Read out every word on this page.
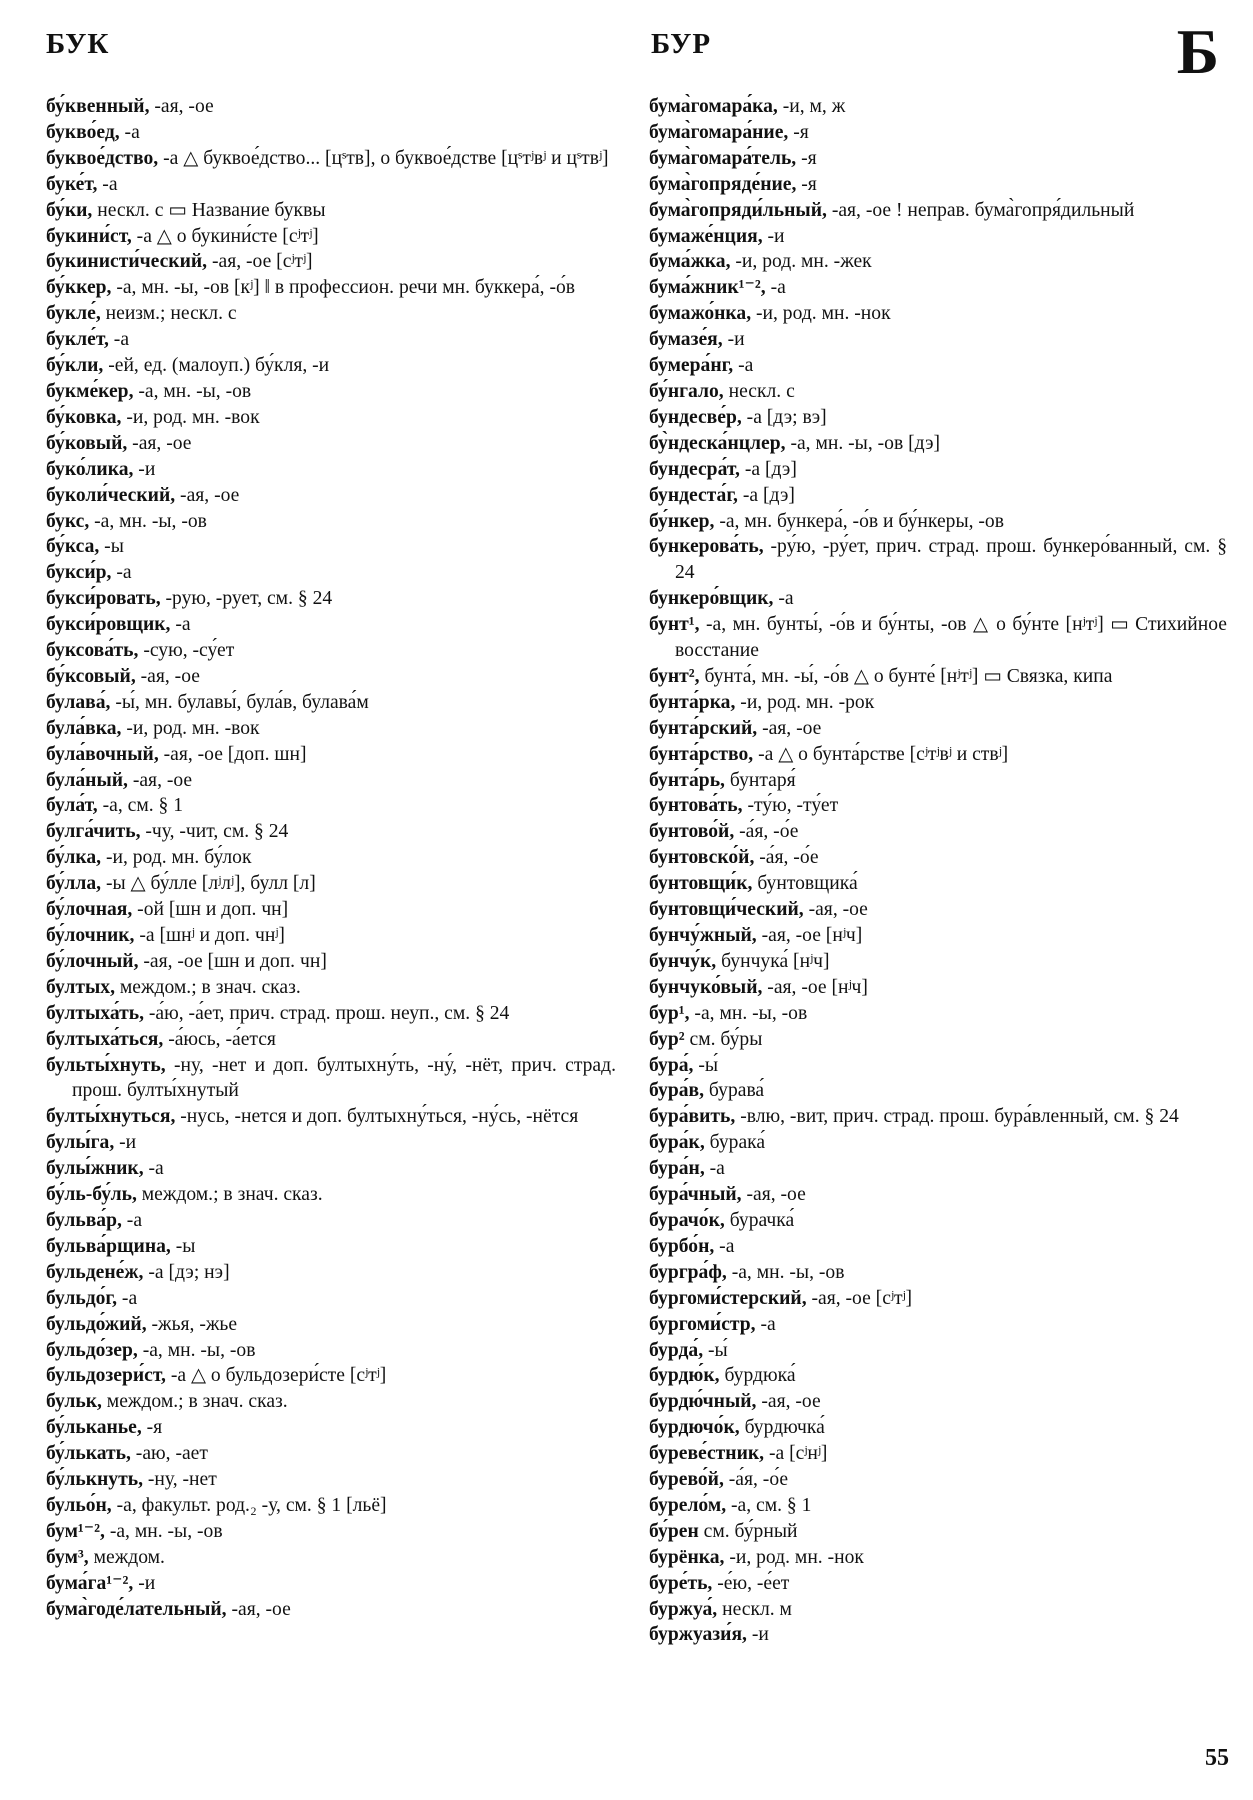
БУК	БУР	Б
бу́квенный, -ая, -ое
букво́ед, -а
буквое́дство, -а △ буквое́дство... [цˢтв], о буквое́дстве [цˢтʲвʲ и цˢтвʲ]
буке́т, -а
бу́ки, нескл. с ▭ Название буквы
букини́ст, -а △ о букини́сте [сʲтʲ]
букинисти́ческий, -ая, -ое [сʲтʲ]
бу́ккер, -а, мн. -ы, -ов [кʲ] ‖ в профессион. речи мн. буккера́, -о́в
букле́, неизм.; нескл. с
букле́т, -а
бу́кли, -ей, ед. (малоуп.) бу́кля, -и
букме́кер, -а, мн. -ы, -ов
бу́ковка, -и, род. мн. -вок
бу́ковый, -ая, -ое
буко́лика, -и
буколи́ческий, -ая, -ое
букс, -а, мн. -ы, -ов
бу́кса, -ы
букси́р, -а
букси́ровать, -рую, -рует, см. § 24
букси́ровщик, -а
буксова́ть, -сую, -су́ет
бу́ксовый, -ая, -ое
булава́, -ы́, мн. булавы́, була́в, булава́м
була́вка, -и, род. мн. -вок
була́вочный, -ая, -ое [доп. шн]
була́ный, -ая, -ое
була́т, -а, см. § 1
булга́чить, -чу, -чит, см. § 24
бу́лка, -и, род. мн. бу́лок
бу́лла, -ы △ бу́лле [лʲлʲ], булл [л]
бу́лочная, -ой [шн и доп. чн]
бу́лочник, -а [шнʲ и доп. чнʲ]
бу́лочный, -ая, -ое [шн и доп. чн]
бултых, междом.; в знач. сказ.
бултыха́ть, -а́ю, -а́ет, прич. страд. прош. неуп., см. § 24
бултыха́ться, -а́юсь, -а́ется
бульты́хнуть, -ну, -нет и доп. бултыхну́ть, -ну́, -нёт, прич. страд. прош. булты́хнутый
булты́хнуться, -нусь, -нется и доп. бултыхну́ться, -ну́сь, -нётся
булы́га, -и
булы́жник, -а
бу́ль-бу́ль, междом.; в знач. сказ.
бульва́р, -а
бульва́рщина, -ы
бульдене́ж, -а [дэ; нэ]
бульдо́г, -а
бульдо́жий, -жья, -жье
бульдо́зер, -а, мн. -ы, -ов
бульдозери́ст, -а △ о бульдозери́сте [сʲтʲ]
бульк, междом.; в знач. сказ.
бу́льканье, -я
бу́лькать, -аю, -ает
бу́лькнуть, -ну, -нет
бульо́н, -а, факульт. род.₂ -у, см. § 1 [льё]
бум¹⁻², -а, мн. -ы, -ов
бум³, междом.
бума́га¹⁻², -и
бума̀годе́лательный, -ая, -ое
бума̀гомара́ка, -и, м, ж
бума̀гомара́ние, -я
бума̀гомара́тель, -я
бума̀гопряде́ние, -я
бума̀гопряди́льный, -ая, -ое ! неправ. бума̀гопря́дильный
бумаже́нция, -и
бума́жка, -и, род. мн. -жек
бума́жник¹⁻², -а
бумажо́нка, -и, род. мн. -нок
бумазе́я, -и
бумера́нг, -а
бу́нгало, нескл. с
бундесве́р, -а [дэ; вэ]
бу̀ндеска́нцлер, -а, мн. -ы, -ов [дэ]
бундесра́т, -а [дэ]
бундеста́г, -а [дэ]
бу́нкер, -а, мн. бункера́, -о́в и бу́нкеры, -ов
бункерова́ть, -ру́ю, -ру́ет, прич. страд. прош. бункеро́ванный, см. § 24
бункеро́вщик, -а
бунт¹, -а, мн. бунты́, -о́в и бу́нты, -ов △ о бу́нте [нʲтʲ] ▭ Стихийное восстание
бунт², бунта́, мн. -ы́, -о́в △ о бунте́ [нʲтʲ] ▭ Связка, кипа
бунта́рка, -и, род. мн. -рок
бунта́рский, -ая, -ое
бунта́рство, -а △ о бунта́рстве [сʲтʲвʲ и ствʲ]
бунта́рь, бунтаря́
бунтова́ть, -ту́ю, -ту́ет
бунтово́й, -а́я, -о́е
бунтовско́й, -а́я, -о́е
бунтовщи́к, бунтовщика́
бунтовщи́ческий, -ая, -ое
бунчу́жный, -ая, -ое [нʲч]
бунчу́к, бунчука́ [нʲч]
бунчуко́вый, -ая, -ое [нʲч]
бур¹, -а, мн. -ы, -ов
бур² см. бу́ры
бура́, -ы́
бура́в, бурава́
бура́вить, -влю, -вит, прич. страд. прош. бура́вленный, см. § 24
бура́к, бурака́
бура́н, -а
бура́чный, -ая, -ое
бурачо́к, бурачка́
бурбо́н, -а
бургра́ф, -а, мн. -ы, -ов
бургоми́стерский, -ая, -ое [сʲтʲ]
бургоми́стр, -а
бурда́, -ы́
бурдю́к, бурдюка́
бурдю́чный, -ая, -ое
бурдючо́к, бурдючка́
буреве́стник, -а [сʲнʲ]
бурево́й, -а́я, -о́е
бурело́м, -а, см. § 1
бу́рен см. бу́рный
бурёнка, -и, род. мн. -нок
буре́ть, -е́ю, -е́ет
буржуа́, нескл. м
буржуази́я, -и
55
